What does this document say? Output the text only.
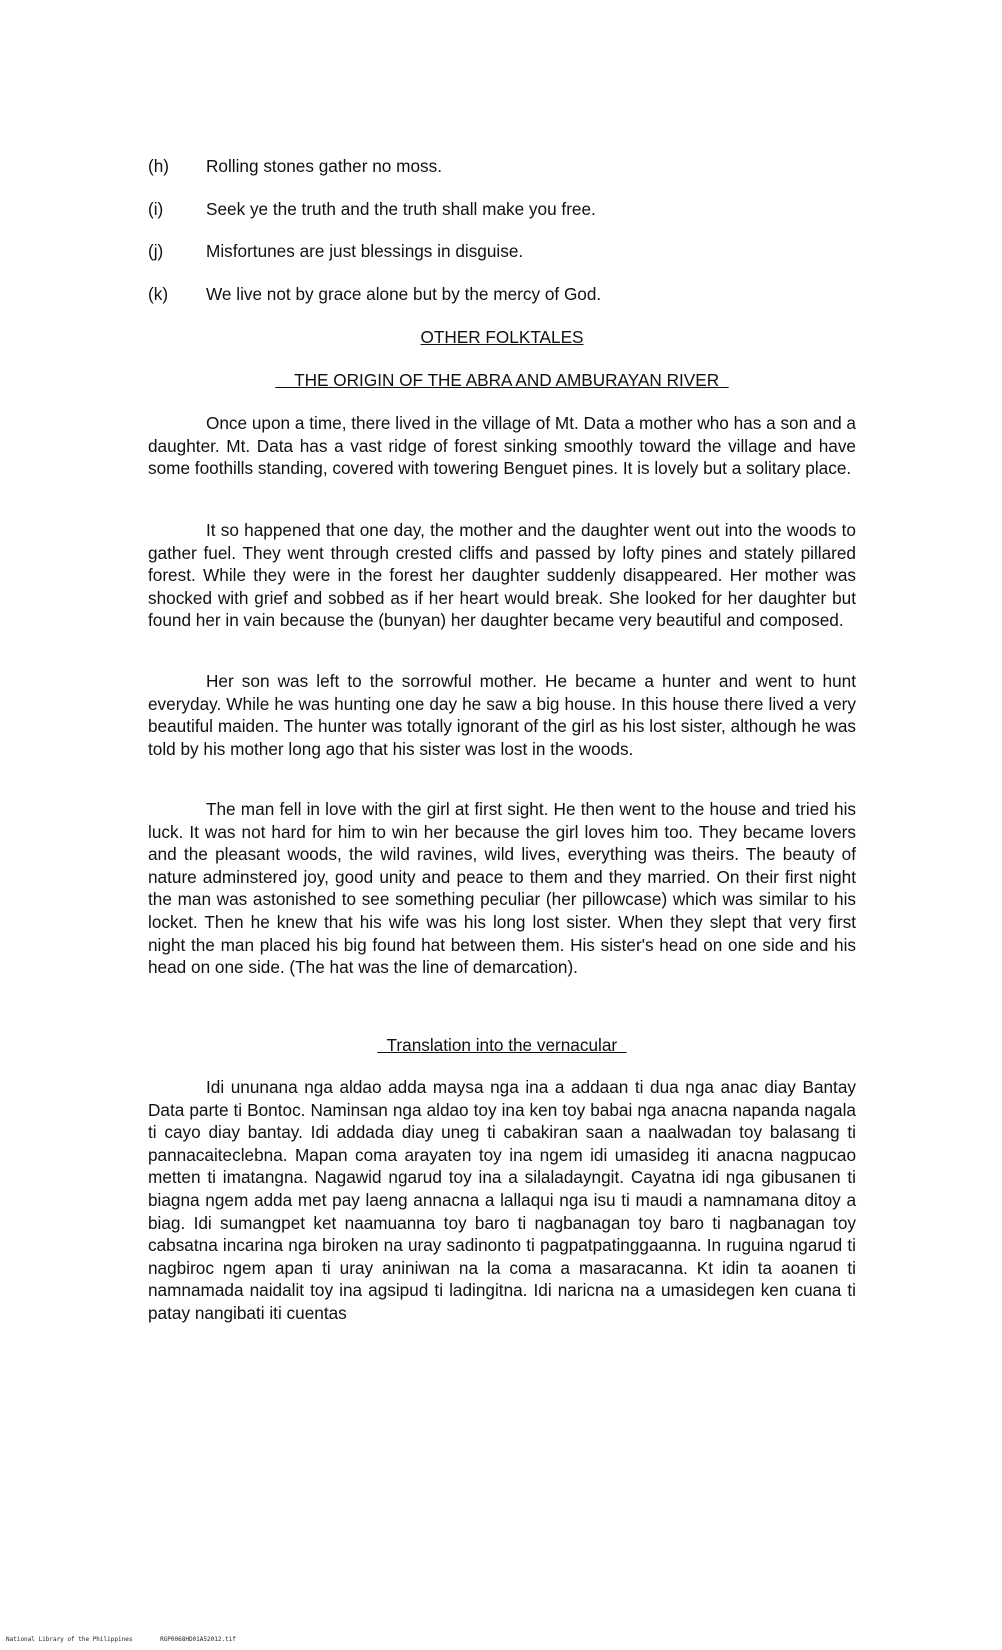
(h)	Rolling stones gather no moss.
(i)	Seek ye the truth and the truth shall make you free.
(j)	Misfortunes are just blessings in disguise.
(k)	We live not by grace alone but by the mercy of God.
OTHER FOLKTALES
THE ORIGIN OF THE ABRA AND AMBURAYAN RIVER

Once upon a time, there lived in the village of Mt. Data a mother who has a son and a daughter. Mt. Data has a vast ridge of forest sinking smoothly toward the village and have some foothills standing, covered with towering Benguet pines. It is lovely but a solitary place.

It so happened that one day, the mother and the daughter went out into the woods to gather fuel. They went through crested cliffs and passed by lofty pines and stately pillared forest. While they were in the forest her daughter suddenly disappeared. Her mother was shocked with grief and sobbed as if her heart would break. She looked for her daughter but found her in vain because the (bunyan) her daughter became very beautiful and composed.

Her son was left to the sorrowful mother. He became a hunter and went to hunt everyday. While he was hunting one day he saw a big house. In this house there lived a very beautiful maiden. The hunter was totally ignorant of the girl as his lost sister, although he was told by his mother long ago that his sister was lost in the woods.

The man fell in love with the girl at first sight. He then went to the house and tried his luck. It was not hard for him to win her because the girl loves him too. They became lovers and the pleasant woods, the wild ravines, wild lives, everything was theirs. The beauty of nature adminstered joy, good unity and peace to them and they married. On their first night the man was astonished to see something peculiar (her pillowcase) which was similar to his locket. Then he knew that his wife was his long lost sister. When they slept that very first night the man placed his big found hat between them. His sister's head on one side and his head on one side. (The hat was the line of demarcation).

Translation into the vernacular

Idi ununana nga aldao adda maysa nga ina a addaan ti dua nga anac diay Bantay Data parte ti Bontoc. Naminsan nga aldao toy ina ken toy babai nga anacna napanda nagala ti cayo diay bantay. Idi addada diay uneg ti cabakiran saan a naalwadan toy balasang ti pannacaiteclebna. Mapan coma arayaten toy ina ngem idi umasideg iti anacna nagpucao metten ti imatangna. Nagawid ngarud toy ina a silaladayngit. Cayatna idi nga gibusanen ti biagna ngem adda met pay laeng annacna a lallaqui nga isu ti maudi a namnamana ditoy a biag. Idi sumangpet ket naamuanna toy baro ti nagbanagan toy baro ti nagbanagan toy cabsatna incarina nga biroken na uray sadinonto ti pagpatpatinggaanna. In ruguina ngarud ti nagbiroc ngem apan ti uray aniniwan na la coma a masaracanna. Kt idin ta aoanen ti namnamada naidalit toy ina agsipud ti ladingitna. Idi naricna na a umasidegen ken cuana ti patay nangibati iti cuentas

National Library of the Philippines	RGP0068HD01A52012.tif
